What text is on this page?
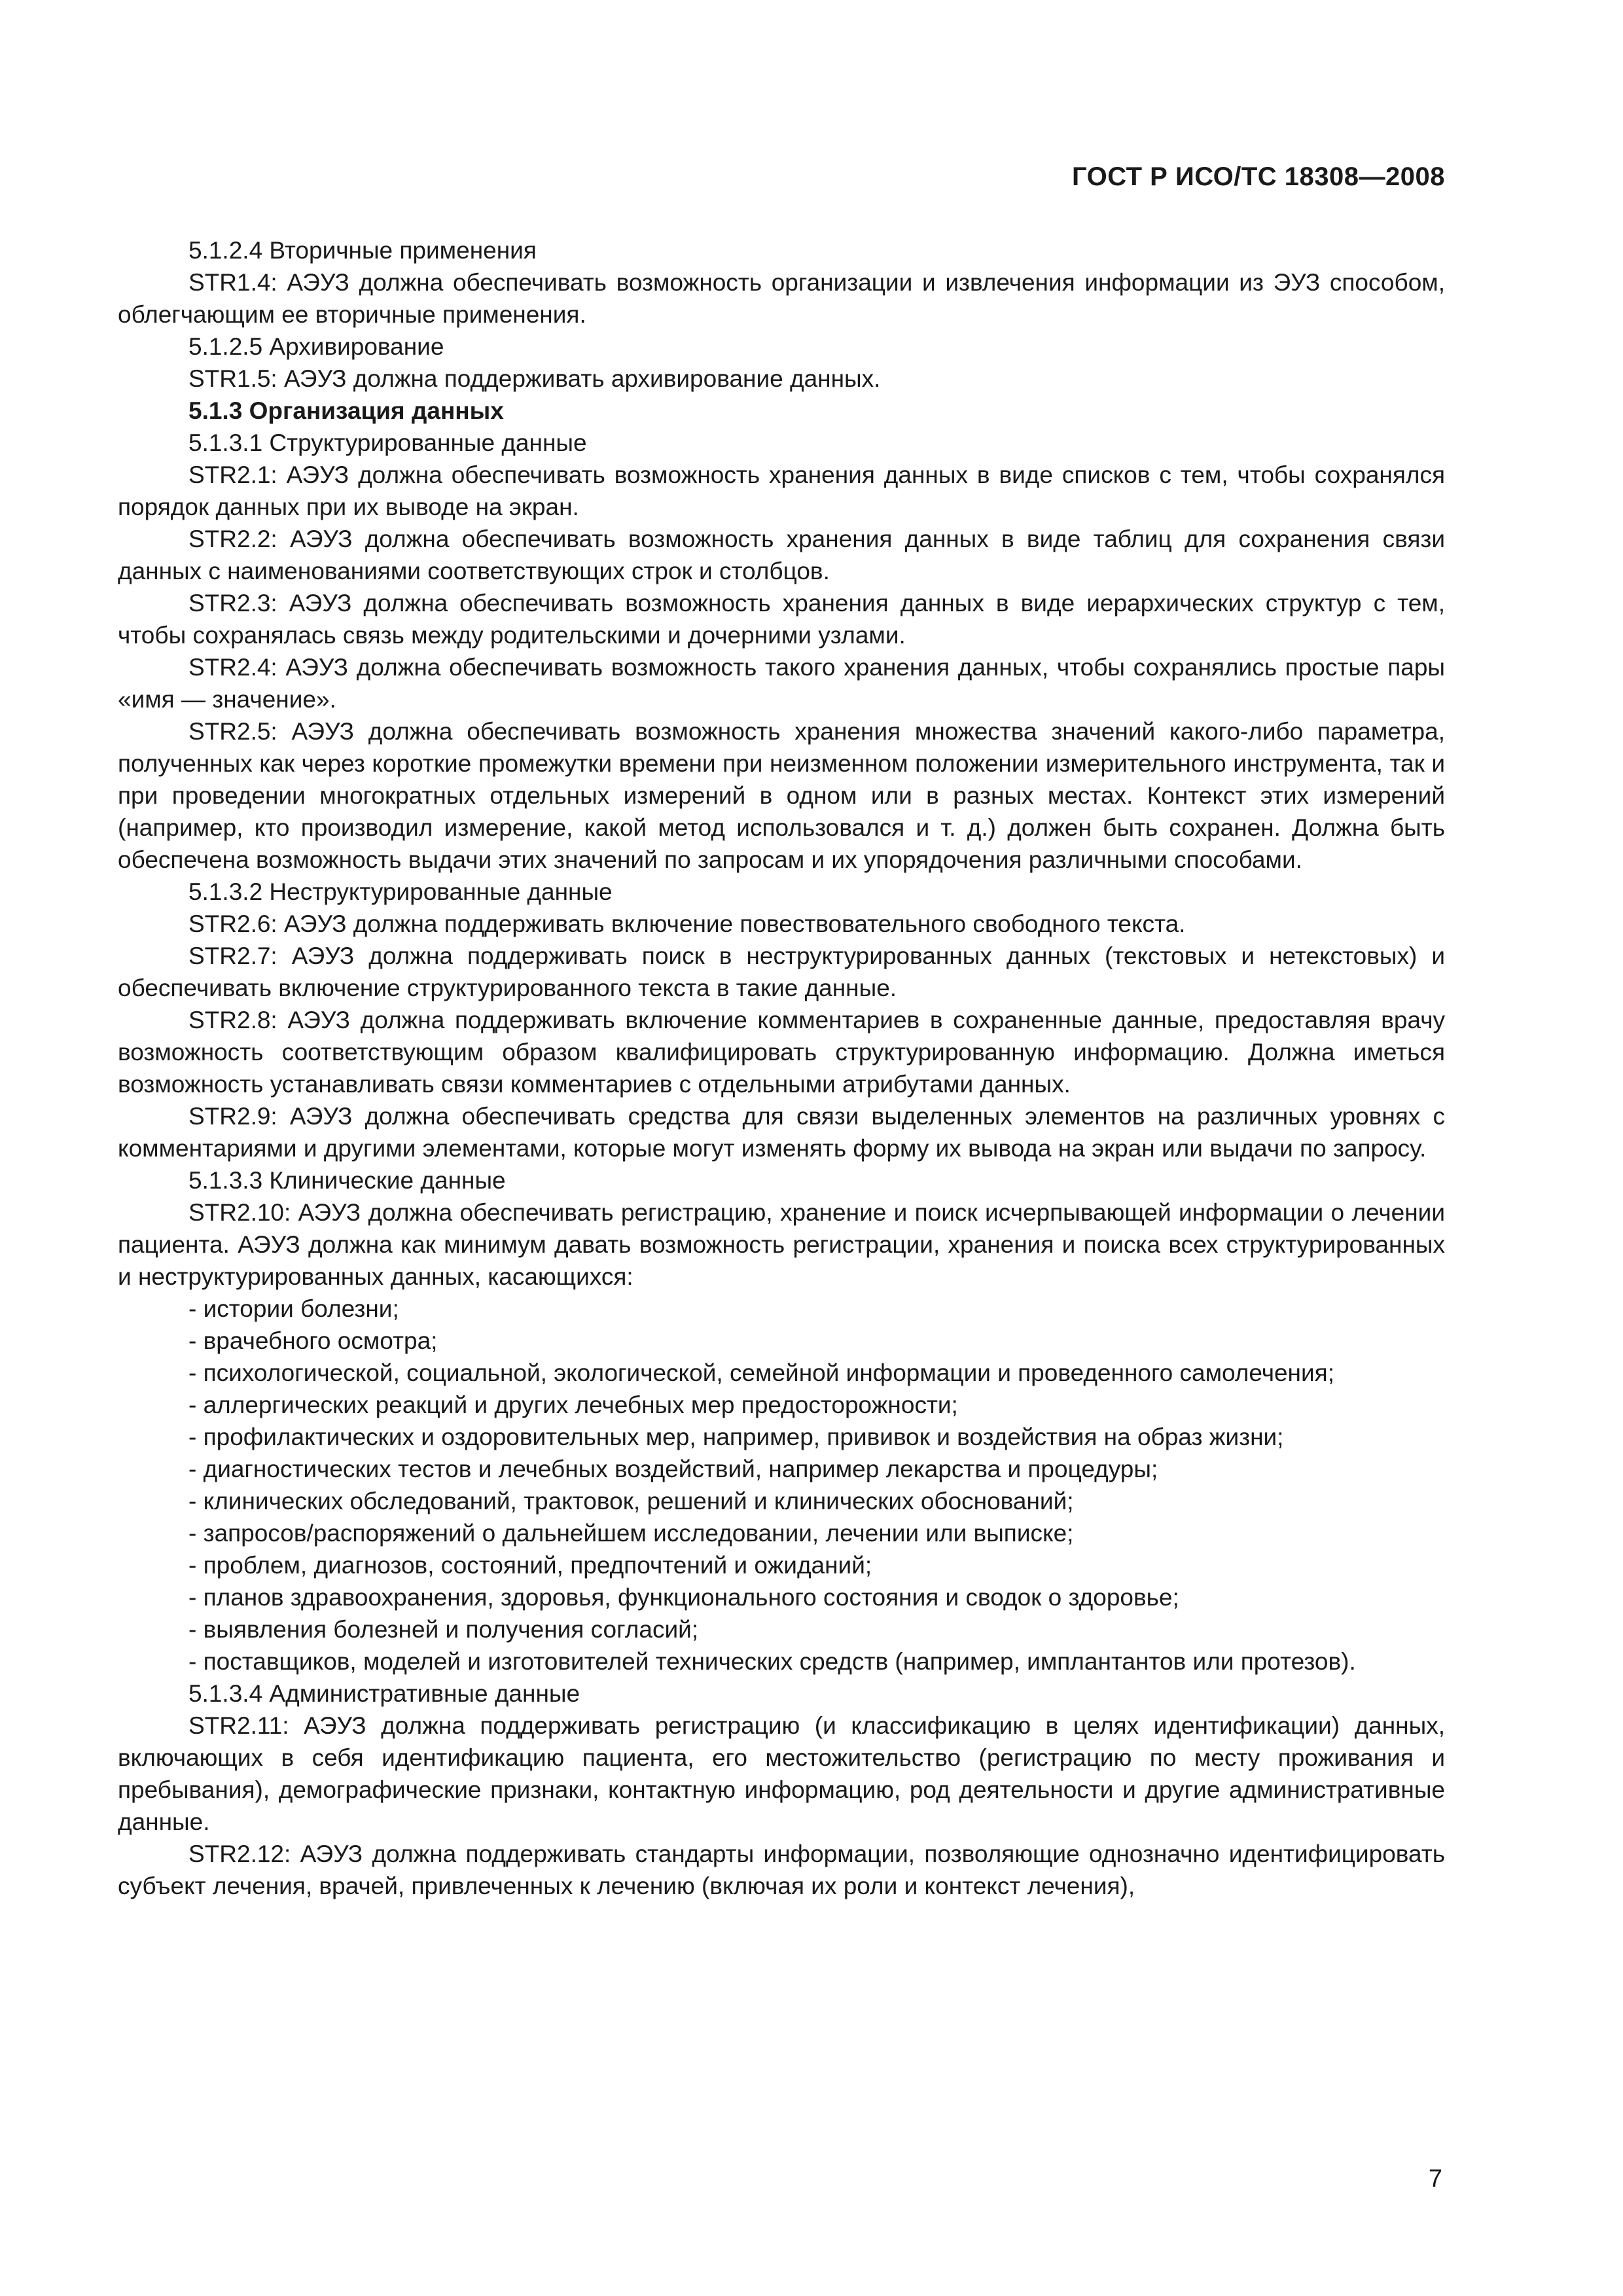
ГОСТ Р ИСО/ТС 18308—2008

5.1.2.4 Вторичные применения

STR1.4: АЭУЗ должна обеспечивать возможность организации и извлечения информации из ЭУЗ способом, облегчающим ее вторичные применения.

5.1.2.5 Архивирование

STR1.5: АЭУЗ должна поддерживать архивирование данных.

5.1.3 Организация данных

5.1.3.1 Структурированные данные

STR2.1: АЭУЗ должна обеспечивать возможность хранения данных в виде списков с тем, чтобы сохранялся порядок данных при их выводе на экран.

STR2.2: АЭУЗ должна обеспечивать возможность хранения данных в виде таблиц для сохранения связи данных с наименованиями соответствующих строк и столбцов.

STR2.3: АЭУЗ должна обеспечивать возможность хранения данных в виде иерархических структур с тем, чтобы сохранялась связь между родительскими и дочерними узлами.

STR2.4: АЭУЗ должна обеспечивать возможность такого хранения данных, чтобы сохранялись простые пары «имя — значение».

STR2.5: АЭУЗ должна обеспечивать возможность хранения множества значений какого-либо параметра, полученных как через короткие промежутки времени при неизменном положении измерительного инструмента, так и при проведении многократных отдельных измерений в одном или в разных местах. Контекст этих измерений (например, кто производил измерение, какой метод использовался и т. д.) должен быть сохранен. Должна быть обеспечена возможность выдачи этих значений по запросам и их упорядочения различными способами.

5.1.3.2 Неструктурированные данные

STR2.6: АЭУЗ должна поддерживать включение повествовательного свободного текста.

STR2.7: АЭУЗ должна поддерживать поиск в неструктурированных данных (текстовых и нетекстовых) и обеспечивать включение структурированного текста в такие данные.

STR2.8: АЭУЗ должна поддерживать включение комментариев в сохраненные данные, предоставляя врачу возможность соответствующим образом квалифицировать структурированную информацию. Должна иметься возможность устанавливать связи комментариев с отдельными атрибутами данных.

STR2.9: АЭУЗ должна обеспечивать средства для связи выделенных элементов на различных уровнях с комментариями и другими элементами, которые могут изменять форму их вывода на экран или выдачи по запросу.

5.1.3.3 Клинические данные

STR2.10: АЭУЗ должна обеспечивать регистрацию, хранение и поиск исчерпывающей информации о лечении пациента. АЭУЗ должна как минимум давать возможность регистрации, хранения и поиска всех структурированных и неструктурированных данных, касающихся:

- истории болезни;

- врачебного осмотра;

- психологической, социальной, экологической, семейной информации и проведенного самолечения;

- аллергических реакций и других лечебных мер предосторожности;

- профилактических и оздоровительных мер, например, прививок и воздействия на образ жизни;

- диагностических тестов и лечебных воздействий, например лекарства и процедуры;

- клинических обследований, трактовок, решений и клинических обоснований;

- запросов/распоряжений о дальнейшем исследовании, лечении или выписке;

- проблем, диагнозов, состояний, предпочтений и ожиданий;

- планов здравоохранения, здоровья, функционального состояния и сводок о здоровье;

- выявления болезней и получения согласий;

- поставщиков, моделей и изготовителей технических средств (например, имплантантов или протезов).

5.1.3.4 Административные данные

STR2.11: АЭУЗ должна поддерживать регистрацию (и классификацию в целях идентификации) данных, включающих в себя идентификацию пациента, его местожительство (регистрацию по месту проживания и пребывания), демографические признаки, контактную информацию, род деятельности и другие административные данные.

STR2.12: АЭУЗ должна поддерживать стандарты информации, позволяющие однозначно идентифицировать субъект лечения, врачей, привлеченных к лечению (включая их роли и контекст лечения),

7
